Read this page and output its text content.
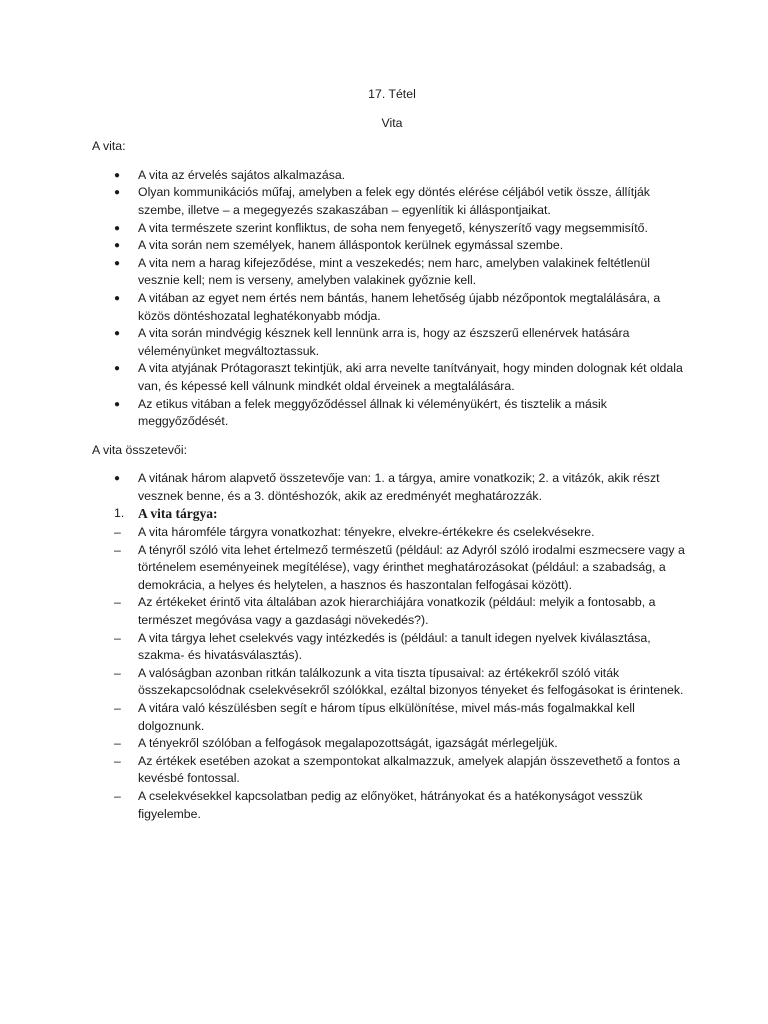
17. Tétel

Vita

A vita:

●	A vita az érvelés sajátos alkalmazása.
●	Olyan kommunikációs műfaj, amelyben a felek egy döntés elérése céljából vetik össze, állítják szembe, illetve – a megegyezés szakaszában – egyenlítik ki álláspontjaikat.
●	A vita természete szerint konfliktus, de soha nem fenyegető, kényszerítő vagy megsemmisítő.
●	A vita során nem személyek, hanem álláspontok kerülnek egymással szembe.
●	A vita nem a harag kifejeződése, mint a veszekedés; nem harc, amelyben valakinek feltétlenül vesznie kell; nem is verseny, amelyben valakinek győznie kell.
●	A vitában az egyet nem értés nem bántás, hanem lehetőség újabb nézőpontok megtalálására, a közös döntéshozatal leghatékonyabb módja.
●	A vita során mindvégig késznek kell lennünk arra is, hogy az észszerű ellenérvek hatására véleményünket megváltoztassuk.
●	A vita atyjának Prótagoraszt tekintjük, aki arra nevelte tanítványait, hogy minden dolognak két oldala van, és képessé kell válnunk mindkét oldal érveinek a megtalálására.
●	Az etikus vitában a felek meggyőződéssel állnak ki véleményükért, és tisztelik a másik meggyőződését.

A vita összetevői:

●	A vitának három alapvető összetevője van: 1. a tárgya, amire vonatkozik; 2. a vitázók, akik részt vesznek benne, és a 3. döntéshozók, akik az eredményét meghatározzák.

1. A vita tárgya:

– A vita háromféle tárgyra vonatkozhat: tényekre, elvekre-értékekre és cselekvésekre.
– A tényről szóló vita lehet értelmező természetű (például: az Adyról szóló irodalmi eszmecsere vagy a történelem eseményeinek megítélése), vagy érinthet meghatározásokat (például: a szabadság, a demokrácia, a helyes és helytelen, a hasznos és haszontalan felfogásai között).
– Az értékeket érintő vita általában azok hierarchiájára vonatkozik (például: melyik a fontosabb, a természet megóvása vagy a gazdasági növekedés?).
– A vita tárgya lehet cselekvés vagy intézkedés is (például: a tanult idegen nyelvek kiválasztása, szakma- és hivatásválasztás).
– A valóságban azonban ritkán találkozunk a vita tiszta típusaival: az értékekről szóló viták összekapcsolódnak cselekvésekről szólókkal, ezáltal bizonyos tényeket és felfogásokat is érintenek.
– A vitára való készülésben segít e három típus elkülönítése, mivel más-más fogalmakkal kell dolgoznunk.
– A tényekről szólóban a felfogások megalapozottságát, igazságát mérlegeljük.
– Az értékek esetében azokat a szempontokat alkalmazzuk, amelyek alapján összevethető a fontos a kevésbé fontossal.
– A cselekvésekkel kapcsolatban pedig az előnyöket, hátrányokat és a hatékonyságot vesszük figyelembe.
